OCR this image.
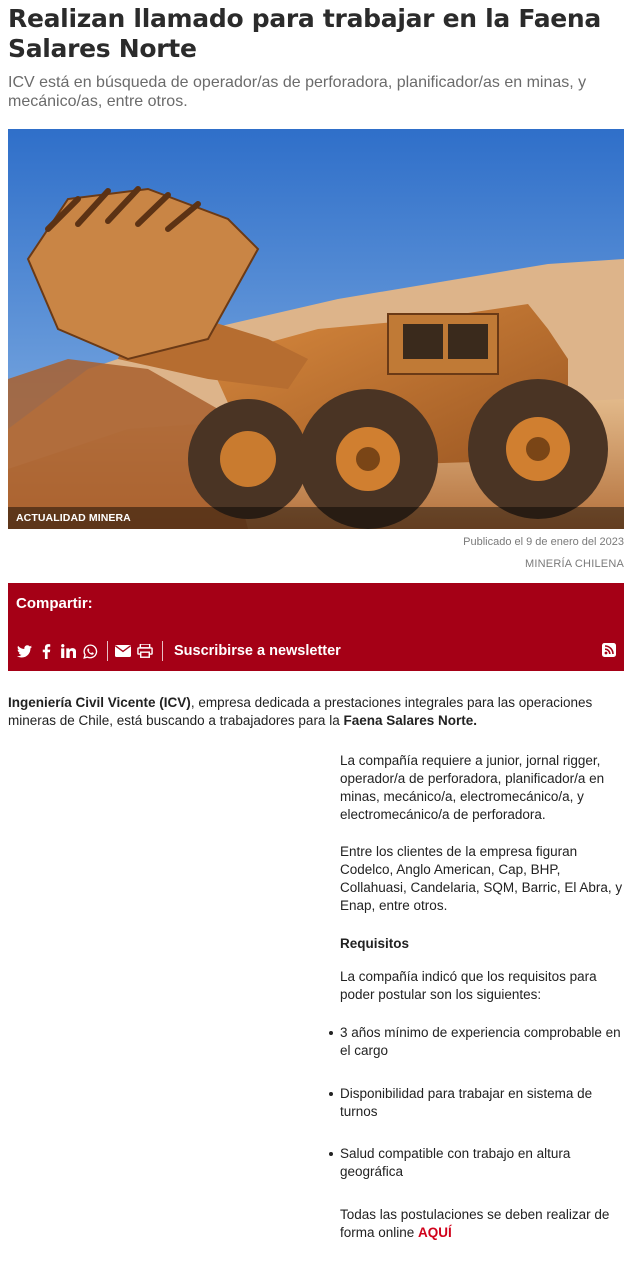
Realizan llamado para trabajar en la Faena Salares Norte

ICV está en búsqueda de operador/as de perforadora, planificador/as en minas, y mecánico/as, entre otros.

ACTUALIDAD MINERA
Publicado el 9 de enero del 2023
MINERÍA CHILENA
Compartir:
Suscribirse a newsletter

Ingeniería Civil Vicente (ICV), empresa dedicada a prestaciones integrales para las operaciones mineras de Chile, está buscando a trabajadores para la Faena Salares Norte.

La compañía requiere a junior, jornal rigger, operador/a de perforadora, planificador/a en minas, mecánico/a, electromecánico/a, y electromecánico/a de perforadora.

Entre los clientes de la empresa figuran Codelco, Anglo American, Cap, BHP, Collahuasi, Candelaria, SQM, Barric, El Abra, y Enap, entre otros.

Requisitos

La compañía indicó que los requisitos para poder postular son los siguientes:

3 años mínimo de experiencia comprobable en el cargo
Disponibilidad para trabajar en sistema de turnos
Salud compatible con trabajo en altura geográfica

Todas las postulaciones se deben realizar de forma online AQUÍ
